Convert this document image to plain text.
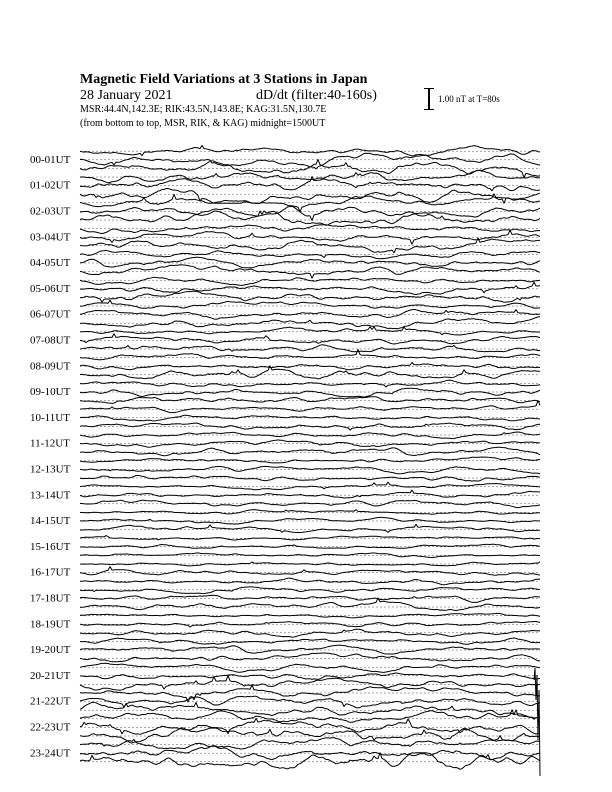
Magnetic Field Variations at 3 Stations in Japan
28 January 2021	dD/dt (filter:40-160s)
MSR:44.4N,142.3E; RIK:43.5N,143.8E; KAG:31.5N,130.7E
(from bottom to top, MSR, RIK, & KAG) midnight=1500UT
1.00 nT at T=80s
00-01UT
01-02UT
02-03UT
03-04UT
04-05UT
05-06UT
06-07UT
07-08UT
08-09UT
09-10UT
10-11UT
11-12UT
12-13UT
13-14UT
14-15UT
15-16UT
16-17UT
17-18UT
18-19UT
19-20UT
20-21UT
21-22UT
22-23UT
23-24UT
